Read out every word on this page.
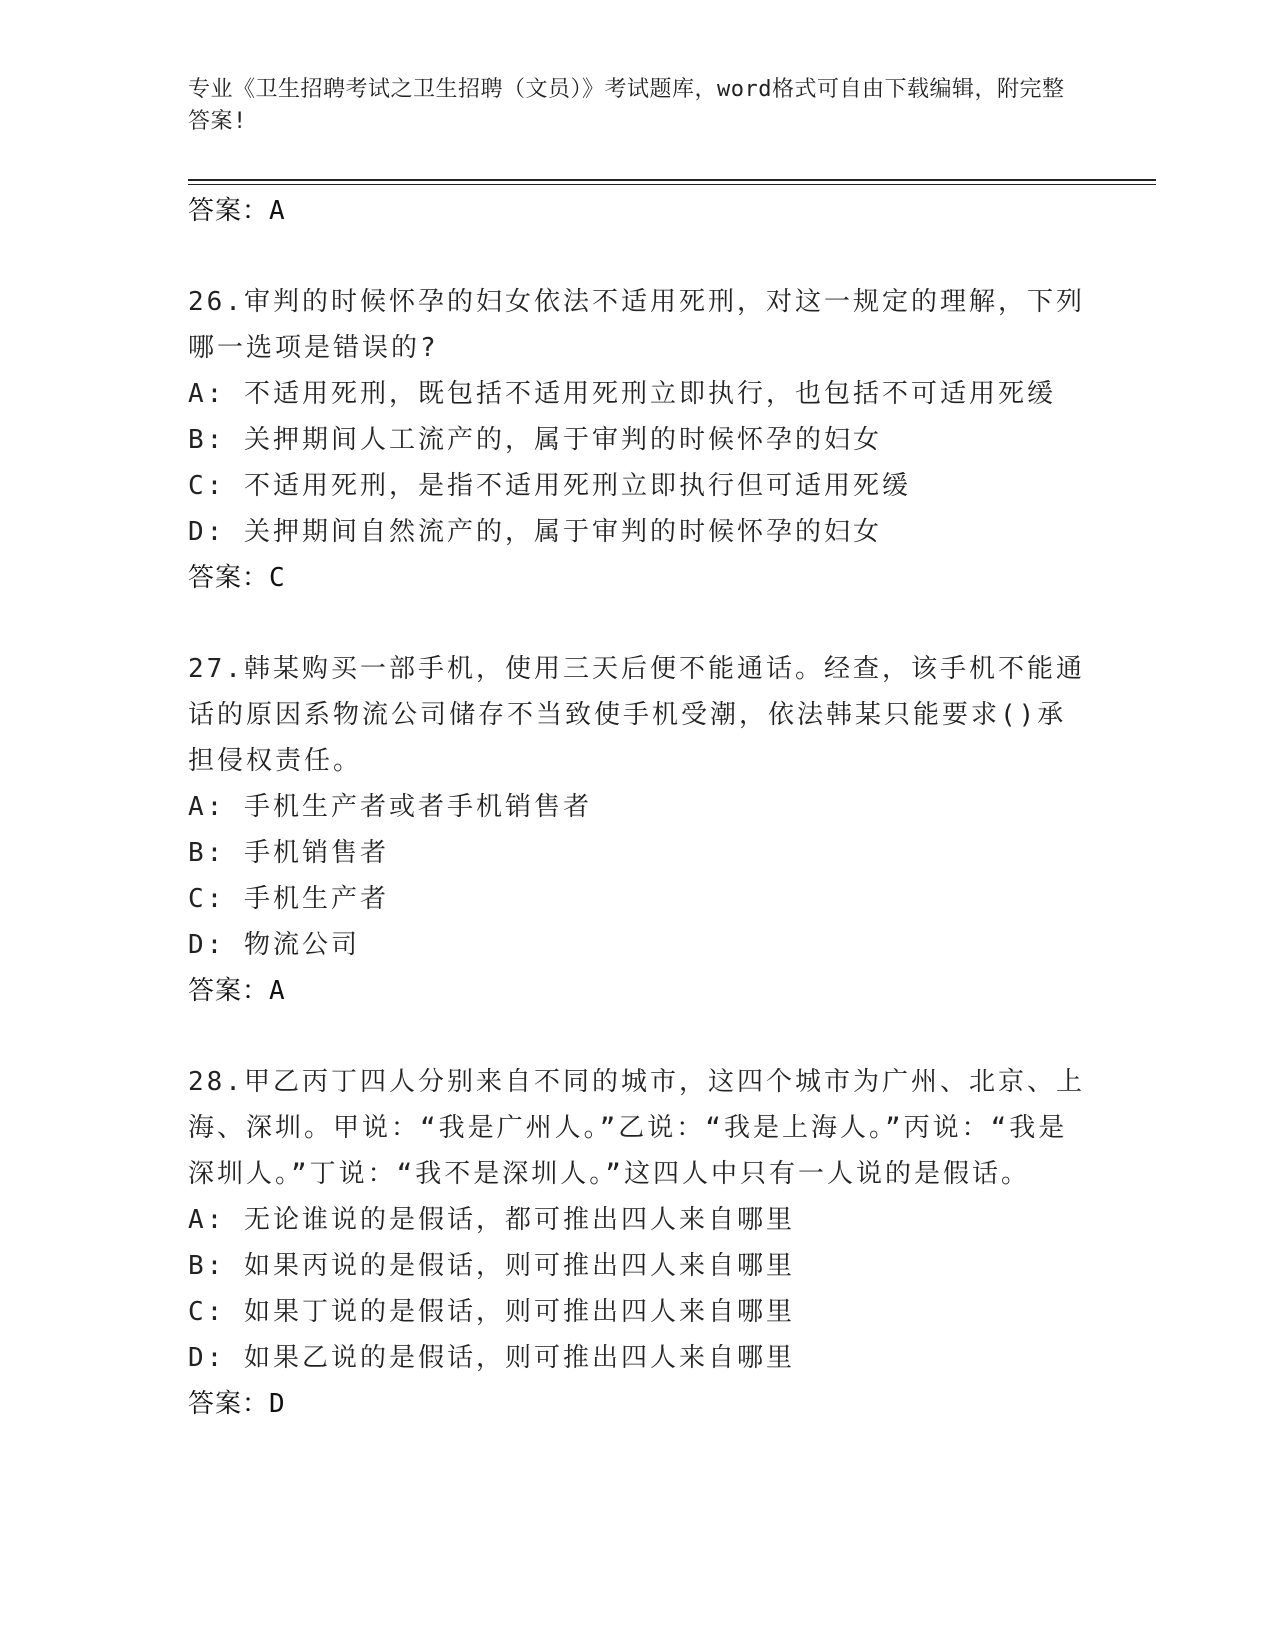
专业《卫生招聘考试之卫生招聘（文员）》考试题库，word格式可自由下载编辑，附完整答案!

答案：A

26.审判的时候怀孕的妇女依法不适用死刑，对这一规定的理解，下列哪一选项是错误的?

A: 不适用死刑，既包括不适用死刑立即执行，也包括不可适用死缓

B: 关押期间人工流产的，属于审判的时候怀孕的妇女

C: 不适用死刑，是指不适用死刑立即执行但可适用死缓

D: 关押期间自然流产的，属于审判的时候怀孕的妇女

答案：C

27.韩某购买一部手机，使用三天后便不能通话。经查，该手机不能通话的原因系物流公司储存不当致使手机受潮，依法韩某只能要求()承担侵权责任。

A: 手机生产者或者手机销售者

B: 手机销售者

C: 手机生产者

D: 物流公司

答案：A

28.甲乙丙丁四人分别来自不同的城市，这四个城市为广州、北京、上海、深圳。甲说：“我是广州人。”乙说：“我是上海人。”丙说：“我是深圳人。”丁说：“我不是深圳人。”这四人中只有一人说的是假话。

A: 无论谁说的是假话，都可推出四人来自哪里

B: 如果丙说的是假话，则可推出四人来自哪里

C: 如果丁说的是假话，则可推出四人来自哪里

D: 如果乙说的是假话，则可推出四人来自哪里

答案：D
